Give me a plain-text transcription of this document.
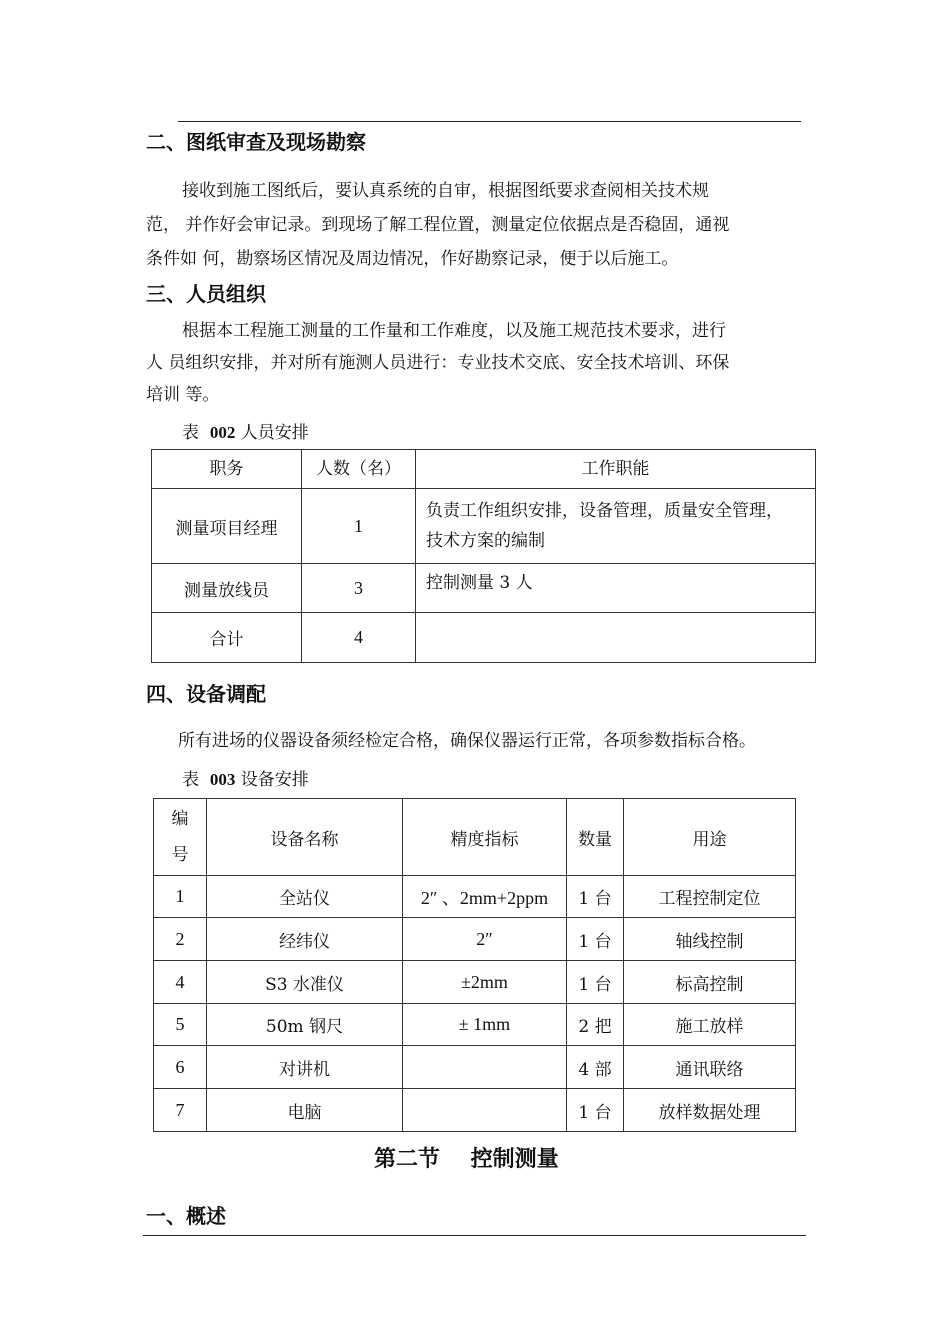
二、图纸审查及现场勘察
接收到施工图纸后，要认真系统的自审，根据图纸要求查阅相关技术规
范， 并作好会审记录。到现场了解工程位置，测量定位依据点是否稳固，通视
条件如 何，勘察场区情况及周边情况，作好勘察记录，便于以后施工。
三、人员组织
根据本工程施工测量的工作量和工作难度，以及施工规范技术要求，进行
人 员组织安排，并对所有施测人员进行：专业技术交底、安全技术培训、环保
培训 等。
表 002 人员安排
职务	人数（名）	工作职能
测量项目经理	1	负责工作组织安排，设备管理，质量安全管理，
技术方案的编制

测量放线员	3	控制测量 3 人
合计	4	
四、设备调配
所有进场的仪器设备须经检定合格，确保仪器运行正常，各项参数指标合格。
表 003 设备安排
编
号	设备名称	精度指标	数量	用途
1	全站仪	2″ 、2mm+2ppm	1 台	工程控制定位
2	经纬仪	2″	1 台	轴线控制
4	S3 水准仪	±2mm	1 台	标高控制
5	50m 钢尺	± 1mm	2 把	施工放样
6	对讲机		4 部	通讯联络
7	电脑		1 台	放样数据处理
第二节    控制测量
一、概述
